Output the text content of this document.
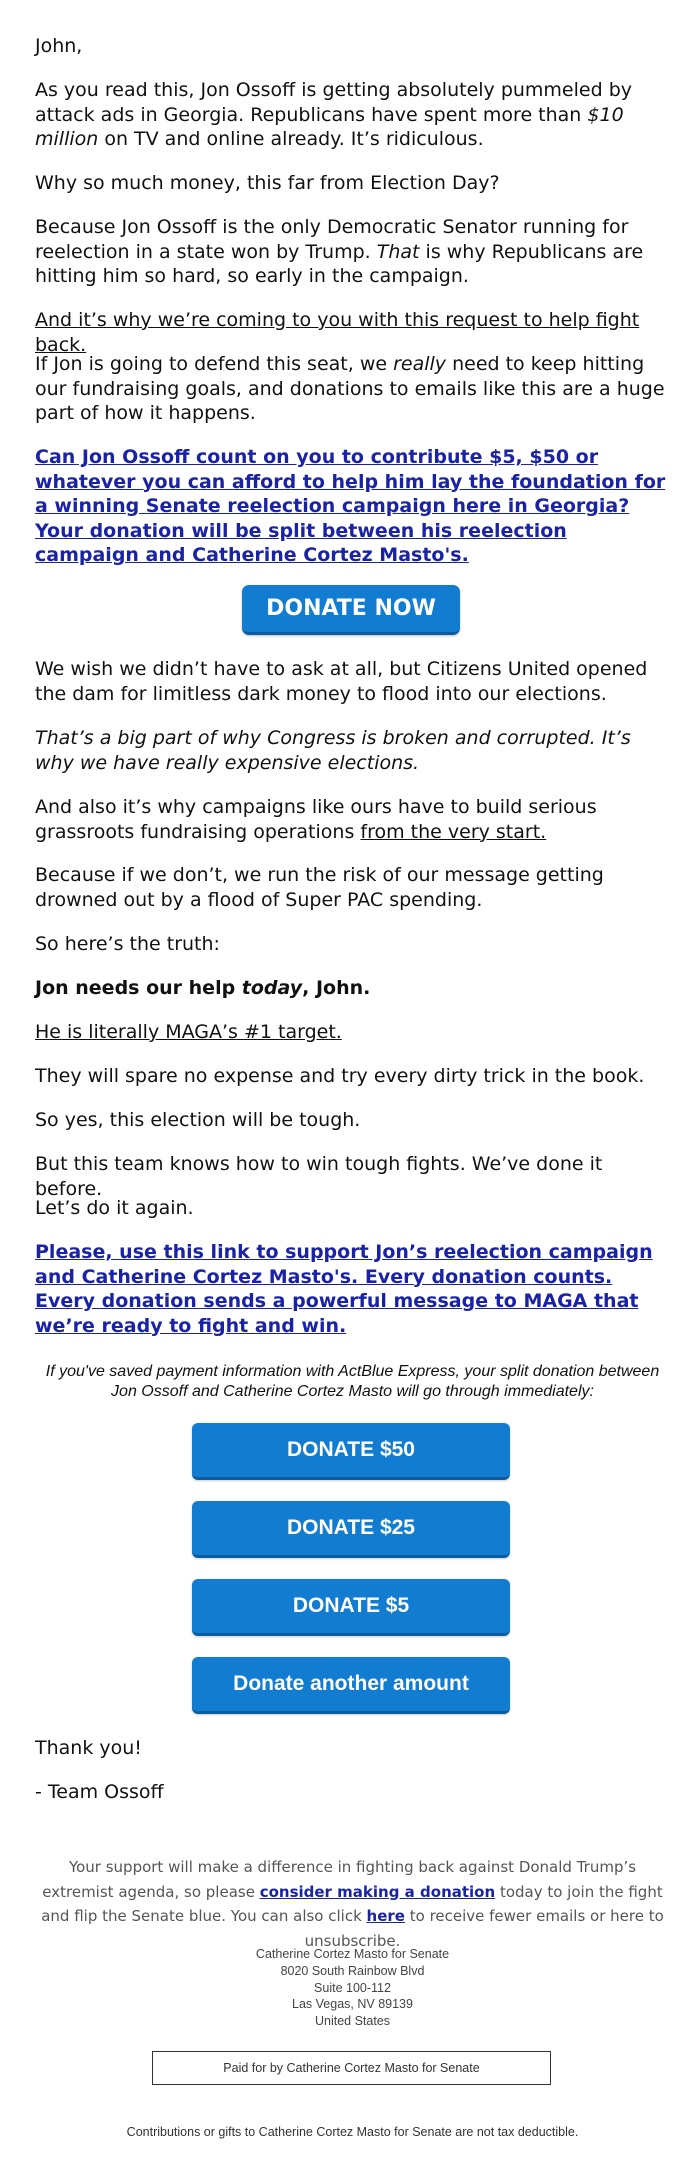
John,

As you read this, Jon Ossoff is getting absolutely pummeled by attack ads in Georgia. Republicans have spent more than $10 million on TV and online already. It’s ridiculous.

Why so much money, this far from Election Day?

Because Jon Ossoff is the only Democratic Senator running for reelection in a state won by Trump. That is why Republicans are hitting him so hard, so early in the campaign.

And it’s why we’re coming to you with this request to help fight back.

If Jon is going to defend this seat, we really need to keep hitting our fundraising goals, and donations to emails like this are a huge part of how it happens.

Can Jon Ossoff count on you to contribute $5, $50 or whatever you can afford to help him lay the foundation for a winning Senate reelection campaign here in Georgia? Your donation will be split between his reelection campaign and Catherine Cortez Masto's.

DONATE NOW

We wish we didn’t have to ask at all, but Citizens United opened the dam for limitless dark money to flood into our elections.

That’s a big part of why Congress is broken and corrupted. It’s why we have really expensive elections.

And also it’s why campaigns like ours have to build serious grassroots fundraising operations from the very start.

Because if we don’t, we run the risk of our message getting drowned out by a flood of Super PAC spending.

So here’s the truth:

Jon needs our help today, John.

He is literally MAGA’s #1 target.

They will spare no expense and try every dirty trick in the book.

So yes, this election will be tough.

But this team knows how to win tough fights. We’ve done it before.

Let’s do it again.

Please, use this link to support Jon’s reelection campaign and Catherine Cortez Masto's. Every donation counts. Every donation sends a powerful message to MAGA that we’re ready to fight and win.

If you've saved payment information with ActBlue Express, your split donation between Jon Ossoff and Catherine Cortez Masto will go through immediately:
DONATE $50
DONATE $25
DONATE $5
Donate another amount

Thank you!

- Team Ossoff

Your support will make a difference in fighting back against Donald Trump’s extremist agenda, so please consider making a donation today to join the fight and flip the Senate blue. You can also click here to receive fewer emails or here to unsubscribe.
Catherine Cortez Masto for Senate
8020 South Rainbow Blvd
Suite 100-112
Las Vegas, NV 89139
United States
Paid for by Catherine Cortez Masto for Senate
Contributions or gifts to Catherine Cortez Masto for Senate are not tax deductible.
